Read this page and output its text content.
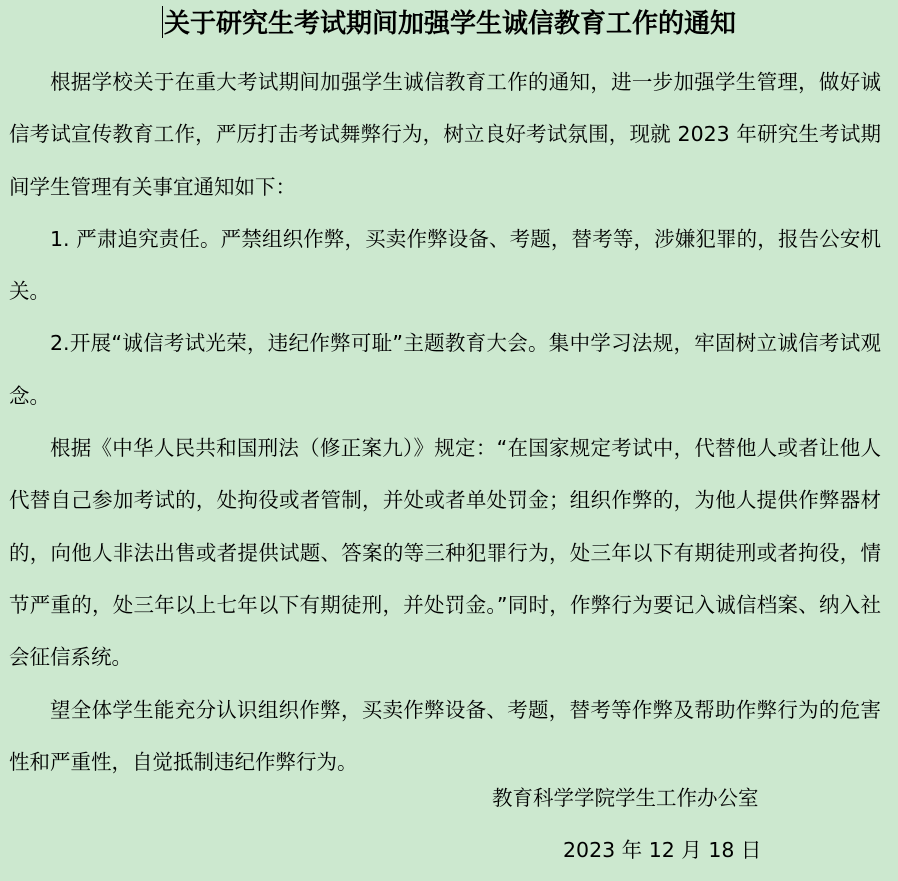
关于研究生考试期间加强学生诚信教育工作的通知

根据学校关于在重大考试期间加强学生诚信教育工作的通知，进一步加强学生管理，做好诚信考试宣传教育工作，严厉打击考试舞弊行为，树立良好考试氛围，现就 2023 年研究生考试期间学生管理有关事宜通知如下：

1. 严肃追究责任。严禁组织作弊，买卖作弊设备、考题，替考等，涉嫌犯罪的，报告公安机关。

2.开展“诚信考试光荣，违纪作弊可耻”主题教育大会。集中学习法规，牢固树立诚信考试观念。

根据《中华人民共和国刑法（修正案九）》规定：“在国家规定考试中，代替他人或者让他人代替自己参加考试的，处拘役或者管制，并处或者单处罚金；组织作弊的，为他人提供作弊器材的，向他人非法出售或者提供试题、答案的等三种犯罪行为，处三年以下有期徒刑或者拘役，情节严重的，处三年以上七年以下有期徒刑，并处罚金。”同时，作弊行为要记入诚信档案、纳入社会征信系统。

望全体学生能充分认识组织作弊，买卖作弊设备、考题，替考等作弊及帮助作弊行为的危害性和严重性，自觉抵制违纪作弊行为。

教育科学学院学生工作办公室
2023 年 12 月 18 日
